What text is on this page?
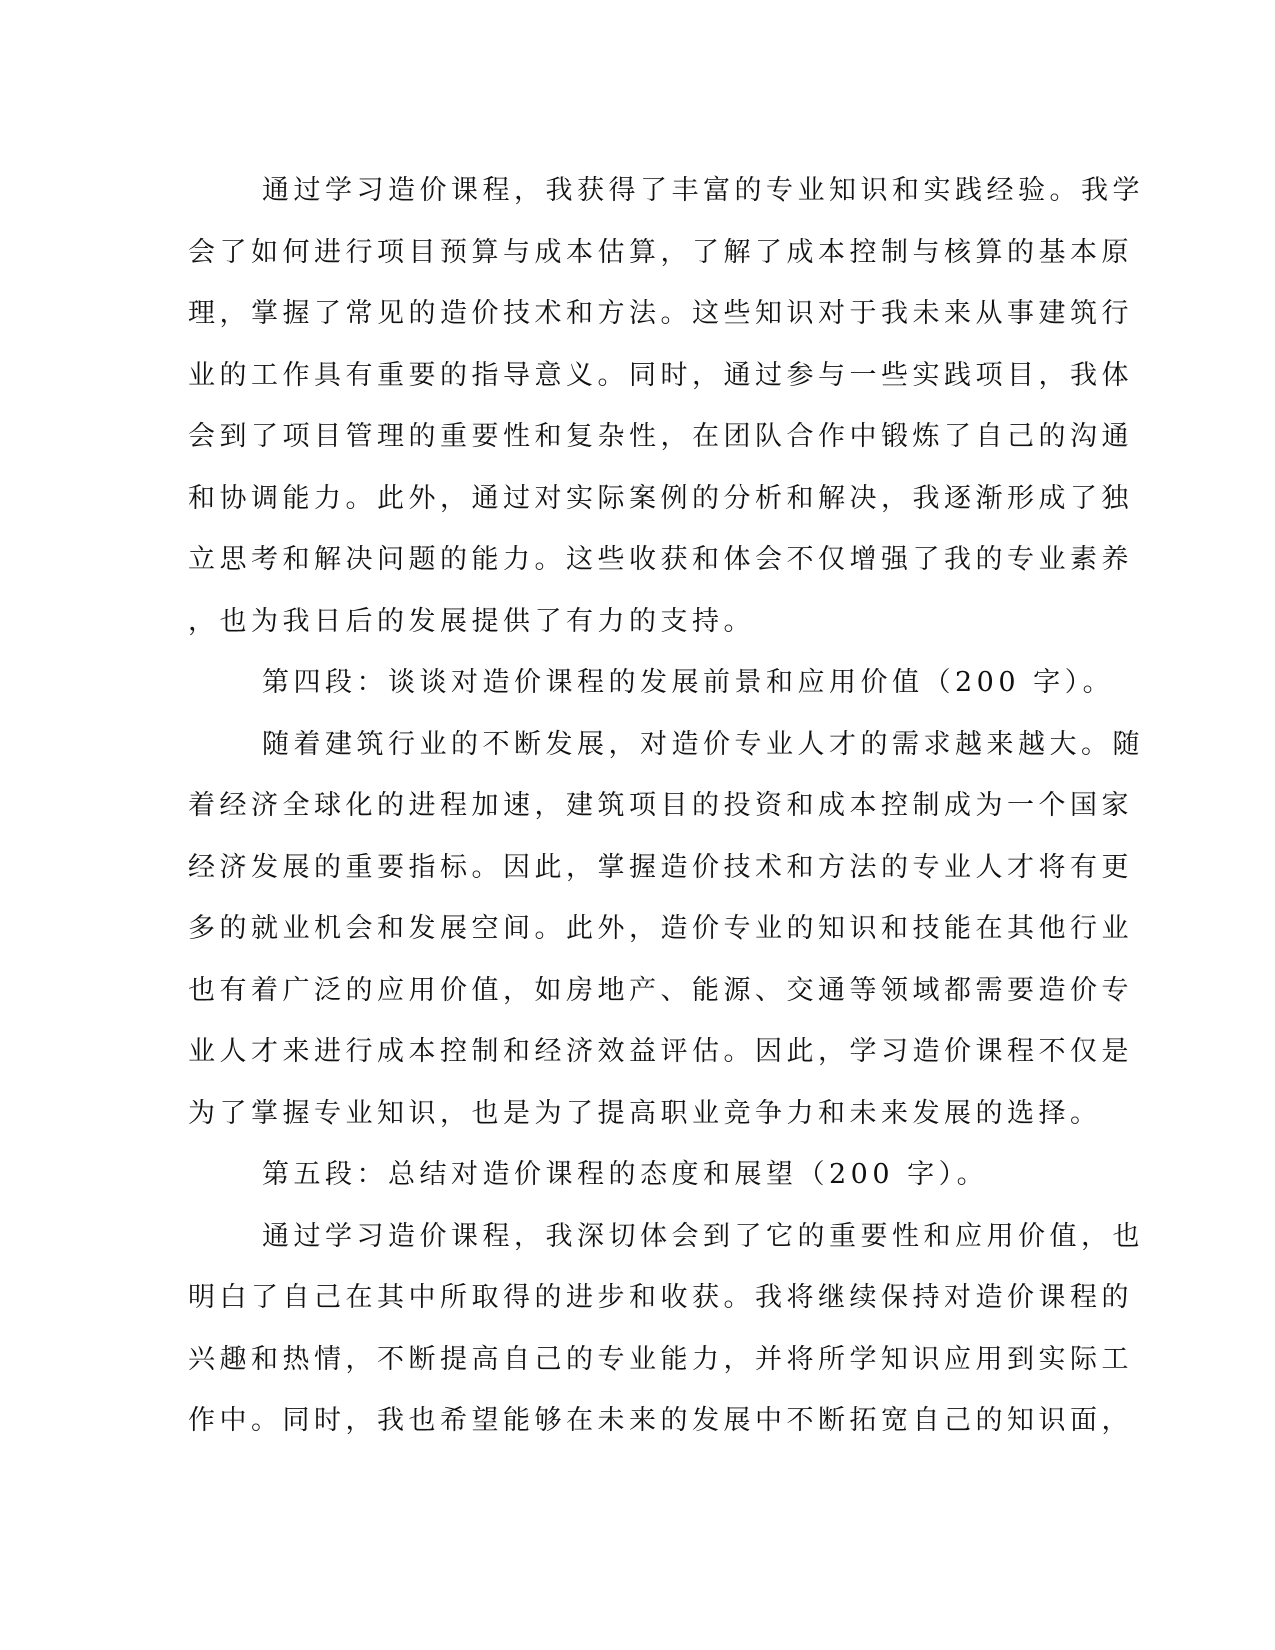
通过学习造价课程，我获得了丰富的专业知识和实践经验。我学
会了如何进行项目预算与成本估算，了解了成本控制与核算的基本原
理，掌握了常见的造价技术和方法。这些知识对于我未来从事建筑行
业的工作具有重要的指导意义。同时，通过参与一些实践项目，我体
会到了项目管理的重要性和复杂性，在团队合作中锻炼了自己的沟通
和协调能力。此外，通过对实际案例的分析和解决，我逐渐形成了独
立思考和解决问题的能力。这些收获和体会不仅增强了我的专业素养
，也为我日后的发展提供了有力的支持。
第四段：谈谈对造价课程的发展前景和应用价值（200 字）。
随着建筑行业的不断发展，对造价专业人才的需求越来越大。随
着经济全球化的进程加速，建筑项目的投资和成本控制成为一个国家
经济发展的重要指标。因此，掌握造价技术和方法的专业人才将有更
多的就业机会和发展空间。此外，造价专业的知识和技能在其他行业
也有着广泛的应用价值，如房地产、能源、交通等领域都需要造价专
业人才来进行成本控制和经济效益评估。因此，学习造价课程不仅是
为了掌握专业知识，也是为了提高职业竞争力和未来发展的选择。
第五段：总结对造价课程的态度和展望（200 字）。
通过学习造价课程，我深切体会到了它的重要性和应用价值，也
明白了自己在其中所取得的进步和收获。我将继续保持对造价课程的
兴趣和热情，不断提高自己的专业能力，并将所学知识应用到实际工
作中。同时，我也希望能够在未来的发展中不断拓宽自己的知识面，
